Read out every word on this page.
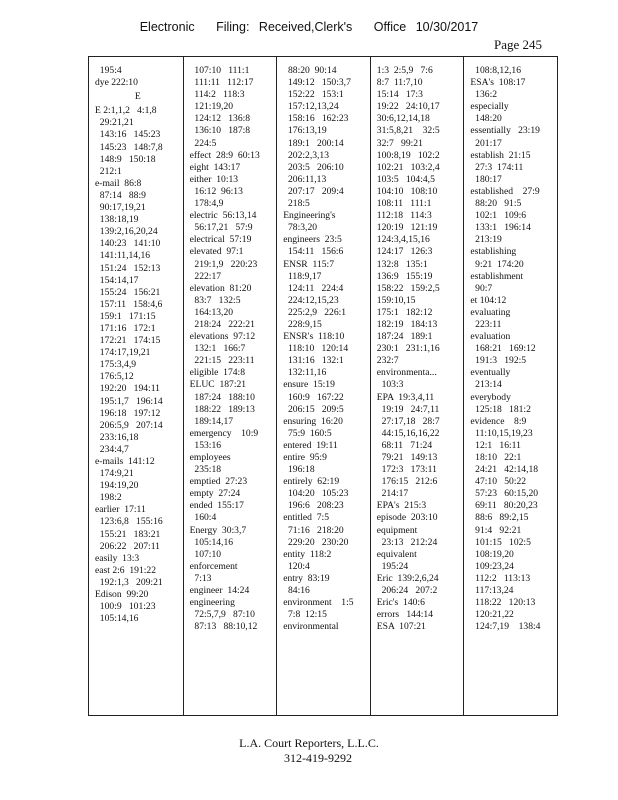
Electronic Filing: Received,Clerk's Office 10/30/2017
Page 245
195:4
dye 222:10
E
E 2:1,1,2   4:1,8
29:21,21
143:16   145:23
145:23   148:7,8
148:9   150:18
212:1
e-mail  86:8
87:14   88:9
90:17,19,21
138:18,19
139:2,16,20,24
140:23   141:10
141:11,14,16
151:24   152:13
154:14,17
155:24   156:21
157:11   158:4,6
159:1   171:15
171:16   172:1
172:21   174:15
174:17,19,21
175:3,4,9
176:5,12
192:20   194:11
195:1,7   196:14
196:18   197:12
206:5,9   207:14
233:16,18
234:4,7
e-mails  141:12
174:9,21
194:19,20
198:2
earlier  17:11
123:6,8   155:16
155:21   183:21
206:22   207:11
easily  13:3
east 2:6  191:22
192:1,3   209:21
Edison  99:20
100:9   101:23
105:14,16
107:10   111:1
111:11   112:17
114:2   118:3
121:19,20
124:12   136:8
136:10   187:8
224:5
effect  28:9  60:13
eight  143:17
either  10:13
16:12  96:13
178:4,9
electric  56:13,14
56:17,21   57:9
electrical  57:19
elevated  97:1
219:1,9   220:23
222:17
elevation  81:20
83:7   132:5
164:13,20
218:24   222:21
elevations  97:12
132:1   166:7
221:15   223:11
eligible  174:8
ELUC  187:21
187:24   188:10
188:22   189:13
189:14,17
emergency    10:9
153:16
employees
235:18
emptied  27:23
empty  27:24
ended  155:17
160:4
Energy  30:3,7
105:14,16
107:10
enforcement
7:13
engineer  14:24
engineering
72:5,7,9   87:10
87:13   88:10,12
88:20  90:14
149:12   150:3,7
152:22   153:1
157:12,13,24
158:16   162:23
176:13,19
189:1   200:14
202:2,3,13
203:5   206:10
206:11,13
207:17   209:4
218:5
Engineering's
78:3,20
engineers  23:5
154:11   156:6
ENSR  115:7
118:9,17
124:11   224:4
224:12,15,23
225:2,9   226:1
228:9,15
ENSR's  118:10
118:10   120:14
131:16   132:1
132:11,16
ensure  15:19
160:9   167:22
206:15   209:5
ensuring  16:20
75:9  160:5
entered  19:11
entire  95:9
196:18
entirely  62:19
104:20   105:23
196:6   208:23
entitled  7:5
71:16   218:20
229:20   230:20
entity  118:2
120:4
entry  83:19
84:16
environment    1:5
7:8  12:15
environmental
1:3  2:5,9   7:6
8:7  11:7,10
15:14   17:3
19:22   24:10,17
30:6,12,14,18
31:5,8,21    32:5
32:7   99:21
100:8,19   102:2
102:21   103:2,4
103:5   104:4,5
104:10   108:10
108:11   111:1
112:18   114:3
120:19   121:19
124:3,4,15,16
124:17   126:3
132:8   135:1
136:9   155:19
158:22   159:2,5
159:10,15
175:1   182:12
182:19   184:13
187:24   189:1
230:1   231:1,16
232:7
environmenta...
103:3
EPA  19:3,4,11
19:19   24:7,11
27:17,18   28:7
44:15,16,16,22
68:11   71:24
79:21   149:13
172:3   173:11
176:15   212:6
214:17
EPA's  215:3
episode  203:10
equipment
23:13   212:24
equivalent
195:24
Eric  139:2,6,24
206:24   207:2
Eric's  140:6
errors   144:14
ESA  107:21
108:8,12,16
ESA's  108:17
136:2
especially
148:20
essentially   23:19
201:17
establish  21:15
27:3  174:11
180:17
established    27:9
88:20   91:5
102:1   109:6
133:1   196:14
213:19
establishing
9:21  174:20
establishment
90:7
et 104:12
evaluating
223:11
evaluation
168:21   169:12
191:3   192:5
eventually
213:14
everybody
125:18   181:2
evidence    8:9
11:10,15,19,23
12:1   16:11
18:10   22:1
24:21   42:14,18
47:10   50:22
57:23   60:15,20
69:11   80:20,23
88:6   89:2,15
91:4   92:21
101:15   102:5
108:19,20
109:23,24
112:2   113:13
117:13,24
118:22   120:13
120:21,22
124:7,19    138:4
L.A. Court Reporters, L.L.C.
312-419-9292
